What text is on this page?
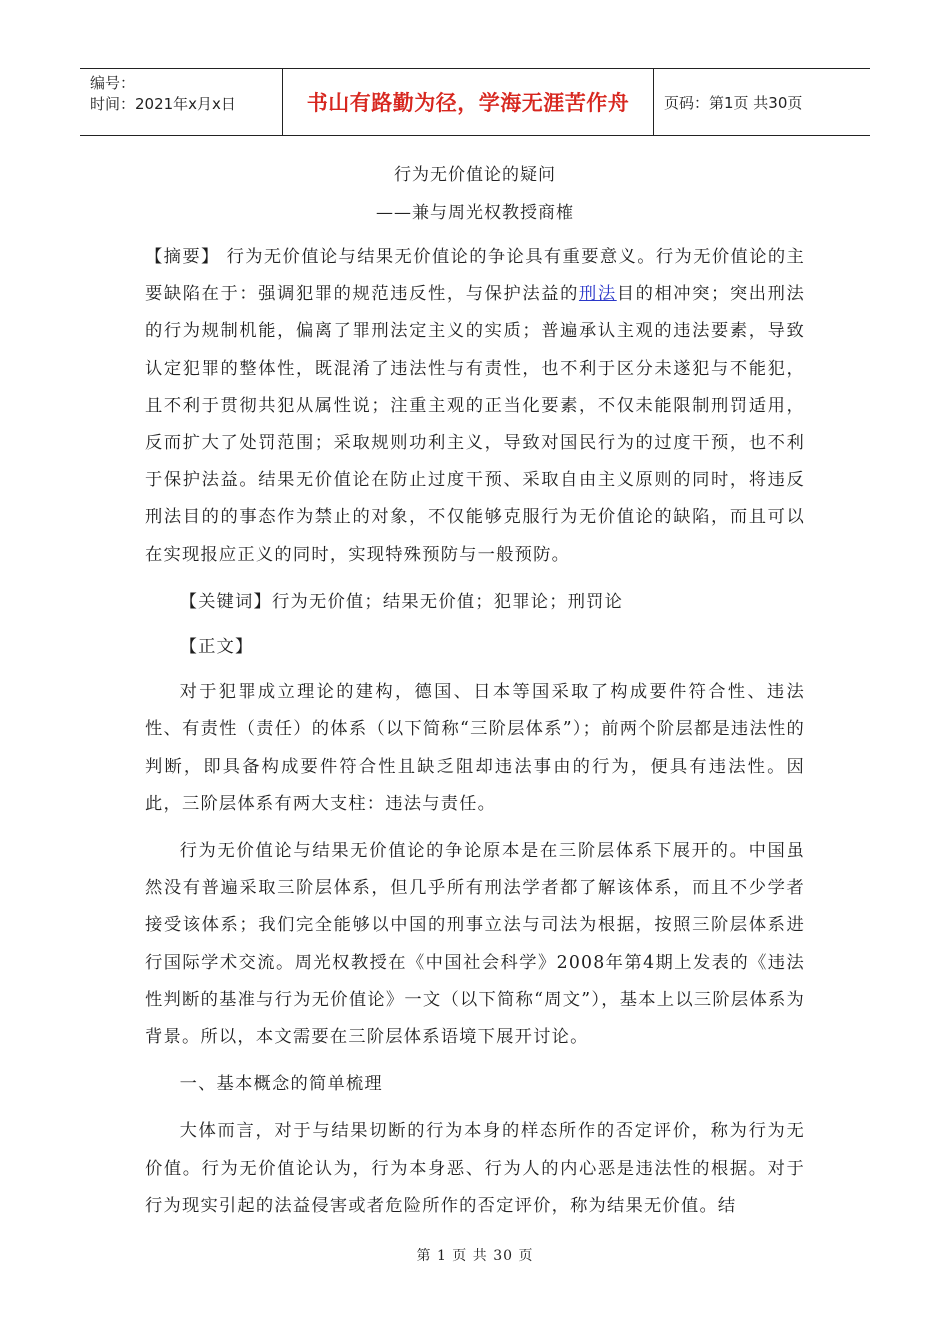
编号：
时间：2021年x月x日	书山有路勤为径，学海无涯苦作舟	页码：第1页 共30页
行为无价值论的疑问
——兼与周光权教授商榷

【摘要】 行为无价值论与结果无价值论的争论具有重要意义。行为无价值论的主要缺陷在于：强调犯罪的规范违反性，与保护法益的刑法目的相冲突；突出刑法的行为规制机能，偏离了罪刑法定主义的实质；普遍承认主观的违法要素，导致认定犯罪的整体性，既混淆了违法性与有责性，也不利于区分未遂犯与不能犯，且不利于贯彻共犯从属性说；注重主观的正当化要素，不仅未能限制刑罚适用，反而扩大了处罚范围；采取规则功利主义，导致对国民行为的过度干预，也不利于保护法益。结果无价值论在防止过度干预、采取自由主义原则的同时，将违反刑法目的的事态作为禁止的对象，不仅能够克服行为无价值论的缺陷，而且可以在实现报应正义的同时，实现特殊预防与一般预防。

【关键词】行为无价值；结果无价值；犯罪论；刑罚论

【正文】

对于犯罪成立理论的建构，德国、日本等国采取了构成要件符合性、违法性、有责性（责任）的体系（以下简称“三阶层体系”）；前两个阶层都是违法性的判断，即具备构成要件符合性且缺乏阻却违法事由的行为，便具有违法性。因此，三阶层体系有两大支柱：违法与责任。

行为无价值论与结果无价值论的争论原本是在三阶层体系下展开的。中国虽然没有普遍采取三阶层体系，但几乎所有刑法学者都了解该体系，而且不少学者接受该体系；我们完全能够以中国的刑事立法与司法为根据，按照三阶层体系进行国际学术交流。周光权教授在《中国社会科学》2008年第4期上发表的《违法性判断的基准与行为无价值论》一文（以下简称“周文”），基本上以三阶层体系为背景。所以，本文需要在三阶层体系语境下展开讨论。

一、基本概念的简单梳理

大体而言，对于与结果切断的行为本身的样态所作的否定评价，称为行为无价值。行为无价值论认为，行为本身恶、行为人的内心恶是违法性的根据。对于行为现实引起的法益侵害或者危险所作的否定评价，称为结果无价值。结

第 1 页 共 30 页
